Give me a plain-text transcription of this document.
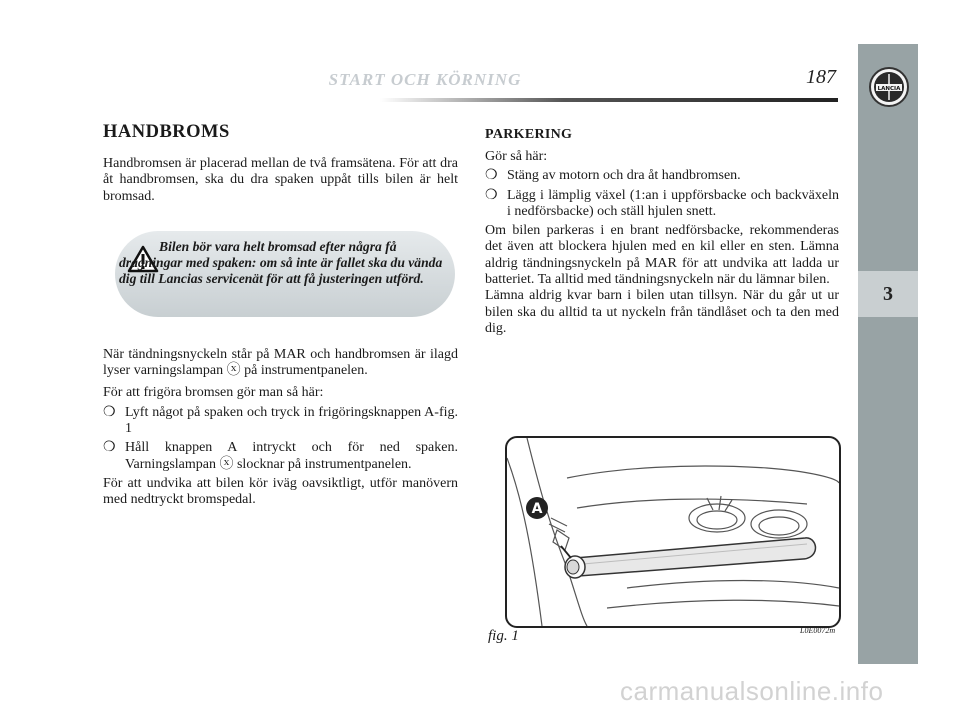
START OCH KÖRNING	187
LANCIA
3
HANDBROMS

Handbromsen är placerad mellan de två framsätena. För att dra åt handbromsen, ska du dra spaken uppåt tills bilen är helt bromsad.

Bilen bör vara helt bromsad efter några få dragningar med spaken: om så inte är fallet ska du vända dig till Lancias servicenät för att få justeringen utförd.

När tändningsnyckeln står på MAR och handbromsen är ilagd lyser varningslampan ⓧ på instrumentpanelen.

För att frigöra bromsen gör man så här:

❍ Lyft något på spaken och tryck in frigöringsknappen A-fig. 1
❍ Håll knappen A intryckt och för ned spaken. Varningslampan ⓧ slocknar på instrumentpanelen.

För att undvika att bilen kör iväg oavsiktligt, utför manövern med nedtryckt bromspedal.

PARKERING

Gör så här:

❍ Stäng av motorn och dra åt handbromsen.
❍ Lägg i lämplig växel (1:an i uppförsbacke och backväxeln i nedförsbacke) och ställ hjulen snett.

Om bilen parkeras i en brant nedförsbacke, rekommenderas det även att blockera hjulen med en kil eller en sten. Lämna aldrig tändningsnyckeln på MAR för att undvika att ladda ur batteriet. Ta alltid med tändningsnyckeln när du lämnar bilen.

Lämna aldrig kvar barn i bilen utan tillsyn. När du går ut ur bilen ska du alltid ta ut nyckeln från tändlåset och ta den med dig.

A
fig. 1	L0E0072m
carmanualsonline.info
